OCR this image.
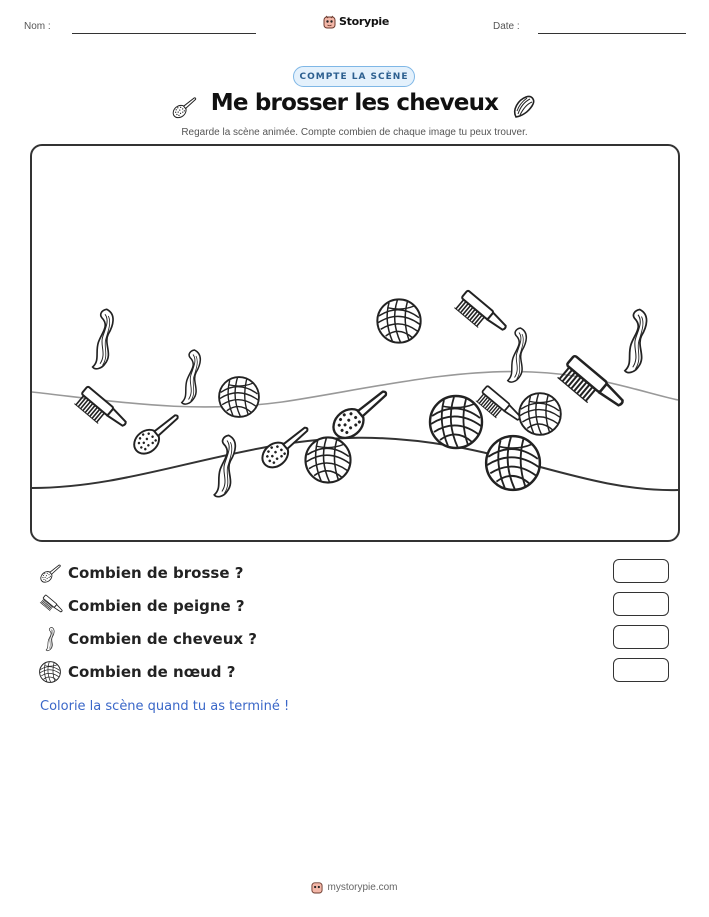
Nom :	Storypie	Date :
COMPTE LA SCÈNE
Me brosser les cheveux
Regarde la scène animée. Compte combien de chaque image tu peux trouver.
Combien de brosse ?
Combien de peigne ?
Combien de cheveux ?
Combien de nœud ?
Colorie la scène quand tu as terminé !
mystorypie.com
